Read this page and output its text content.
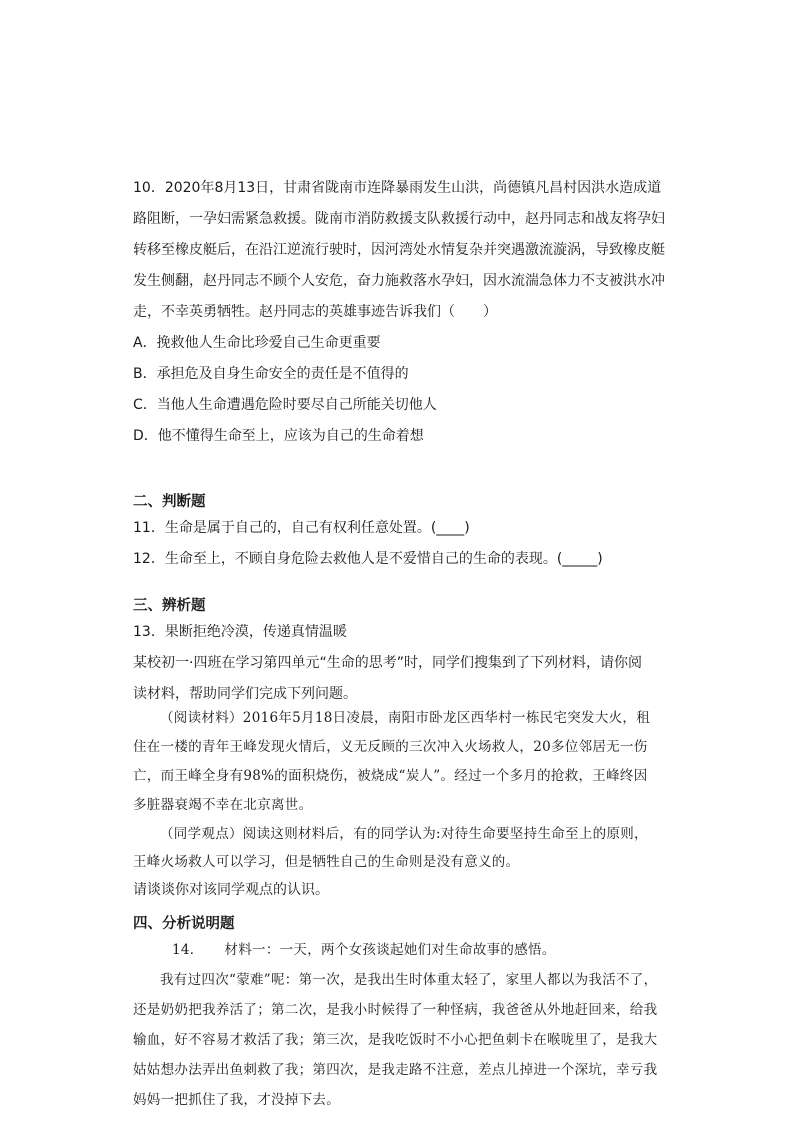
10．2020年8月13日，甘肃省陇南市连降暴雨发生山洪，尚德镇凡昌村因洪水造成道
路阻断，一孕妇需紧急救援。陇南市消防救援支队救援行动中，赵丹同志和战友将孕妇
转移至橡皮艇后，在沿江逆流行驶时，因河湾处水情复杂并突遇激流漩涡，导致橡皮艇
发生侧翻，赵丹同志不顾个人安危，奋力施救落水孕妇，因水流湍急体力不支被洪水冲
走，不幸英勇牺牲。赵丹同志的英雄事迹告诉我们（　　）
A．挽救他人生命比珍爱自己生命更重要
B．承担危及自身生命安全的责任是不值得的
C．当他人生命遭遇危险时要尽自己所能关切他人
D．他不懂得生命至上，应该为自己的生命着想
二、判断题
11．生命是属于自己的，自己有权利任意处置。(____)
12．生命至上，不顾自身危险去救他人是不爱惜自己的生命的表现。(_____)
三、辨析题
13．果断拒绝冷漠，传递真情温暖
某校初一·四班在学习第四单元“生命的思考”时，同学们搜集到了下列材料，请你阅
读材料，帮助同学们完成下列问题。
（阅读材料）2016年5月18日凌晨，南阳市卧龙区西华村一栋民宅突发大火，租
住在一楼的青年王峰发现火情后，义无反顾的三次冲入火场救人，20多位邻居无一伤
亡，而王峰全身有98%的面积烧伤，被烧成“炭人”。经过一个多月的抢救，王峰终因
多脏器衰竭不幸在北京离世。
（同学观点）阅读这则材料后，有的同学认为:对待生命要坚持生命至上的原则，
王峰火场救人可以学习，但是牺牲自己的生命则是没有意义的。
请谈谈你对该同学观点的认识。
四、分析说明题
14．　　材料一：一天，两个女孩谈起她们对生命故事的感悟。
我有过四次“蒙难”呢：第一次，是我出生时体重太轻了，家里人都以为我活不了，
还是奶奶把我养活了；第二次，是我小时候得了一种怪病，我爸爸从外地赶回来，给我
输血，好不容易才救活了我；第三次，是我吃饭时不小心把鱼刺卡在喉咙里了，是我大
姑姑想办法弄出鱼刺救了我；第四次，是我走路不注意，差点儿掉进一个深坑，幸亏我
妈妈一把抓住了我，才没掉下去。
